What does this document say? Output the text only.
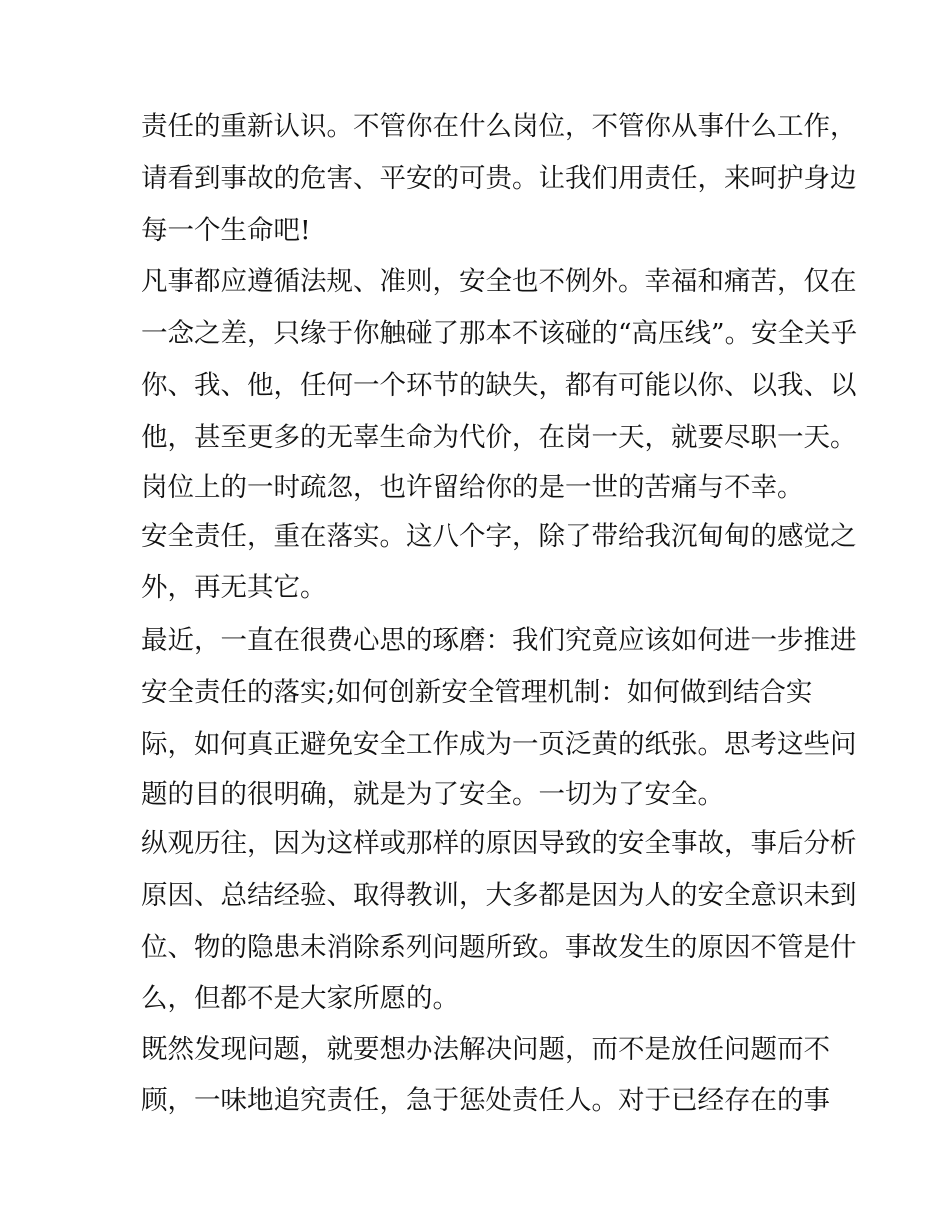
责任的重新认识。不管你在什么岗位，不管你从事什么工作，
请看到事故的危害、平安的可贵。让我们用责任，来呵护身边
每一个生命吧!
凡事都应遵循法规、准则，安全也不例外。幸福和痛苦，仅在
一念之差，只缘于你触碰了那本不该碰的“高压线”。安全关乎
你、我、他，任何一个环节的缺失，都有可能以你、以我、以
他，甚至更多的无辜生命为代价，在岗一天，就要尽职一天。
岗位上的一时疏忽，也许留给你的是一世的苦痛与不幸。
安全责任，重在落实。这八个字，除了带给我沉甸甸的感觉之
外，再无其它。
最近，一直在很费心思的琢磨：我们究竟应该如何进一步推进
安全责任的落实;如何创新安全管理机制：如何做到结合实
际，如何真正避免安全工作成为一页泛黄的纸张。思考这些问
题的目的很明确，就是为了安全。一切为了安全。
纵观历往，因为这样或那样的原因导致的安全事故，事后分析
原因、总结经验、取得教训，大多都是因为人的安全意识未到
位、物的隐患未消除系列问题所致。事故发生的原因不管是什
么，但都不是大家所愿的。
既然发现问题，就要想办法解决问题，而不是放任问题而不
顾，一味地追究责任，急于惩处责任人。对于已经存在的事
